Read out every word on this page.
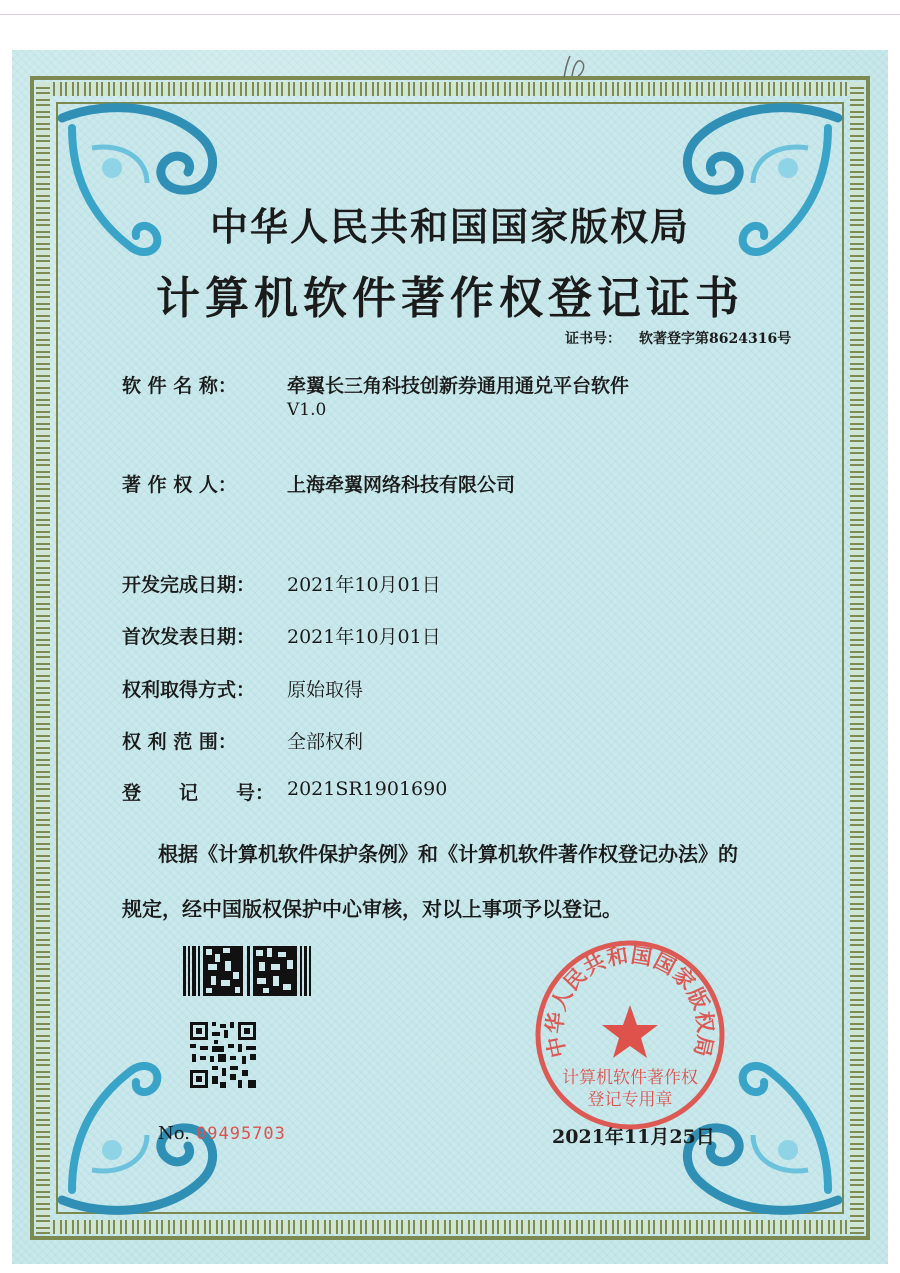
中华人民共和国国家版权局
计算机软件著作权登记证书
证书号： 软著登字第8624316号
软 件 名 称：	牵翼长三角科技创新券通用通兑平台软件
V1.0
著 作 权 人：	上海牵翼网络科技有限公司
开发完成日期： 2021年10月01日
首次发表日期： 2021年10月01日
权利取得方式： 原始取得
权 利 范 围：	全部权利
登　　记　　号： 2021SR1901690
根据《计算机软件保护条例》和《计算机软件著作权登记办法》的
规定，经中国版权保护中心审核，对以上事项予以登记。
No. 09495703	2021年11月25日
中华人民共和国国家版权局
计算机软件著作权
登记专用章
